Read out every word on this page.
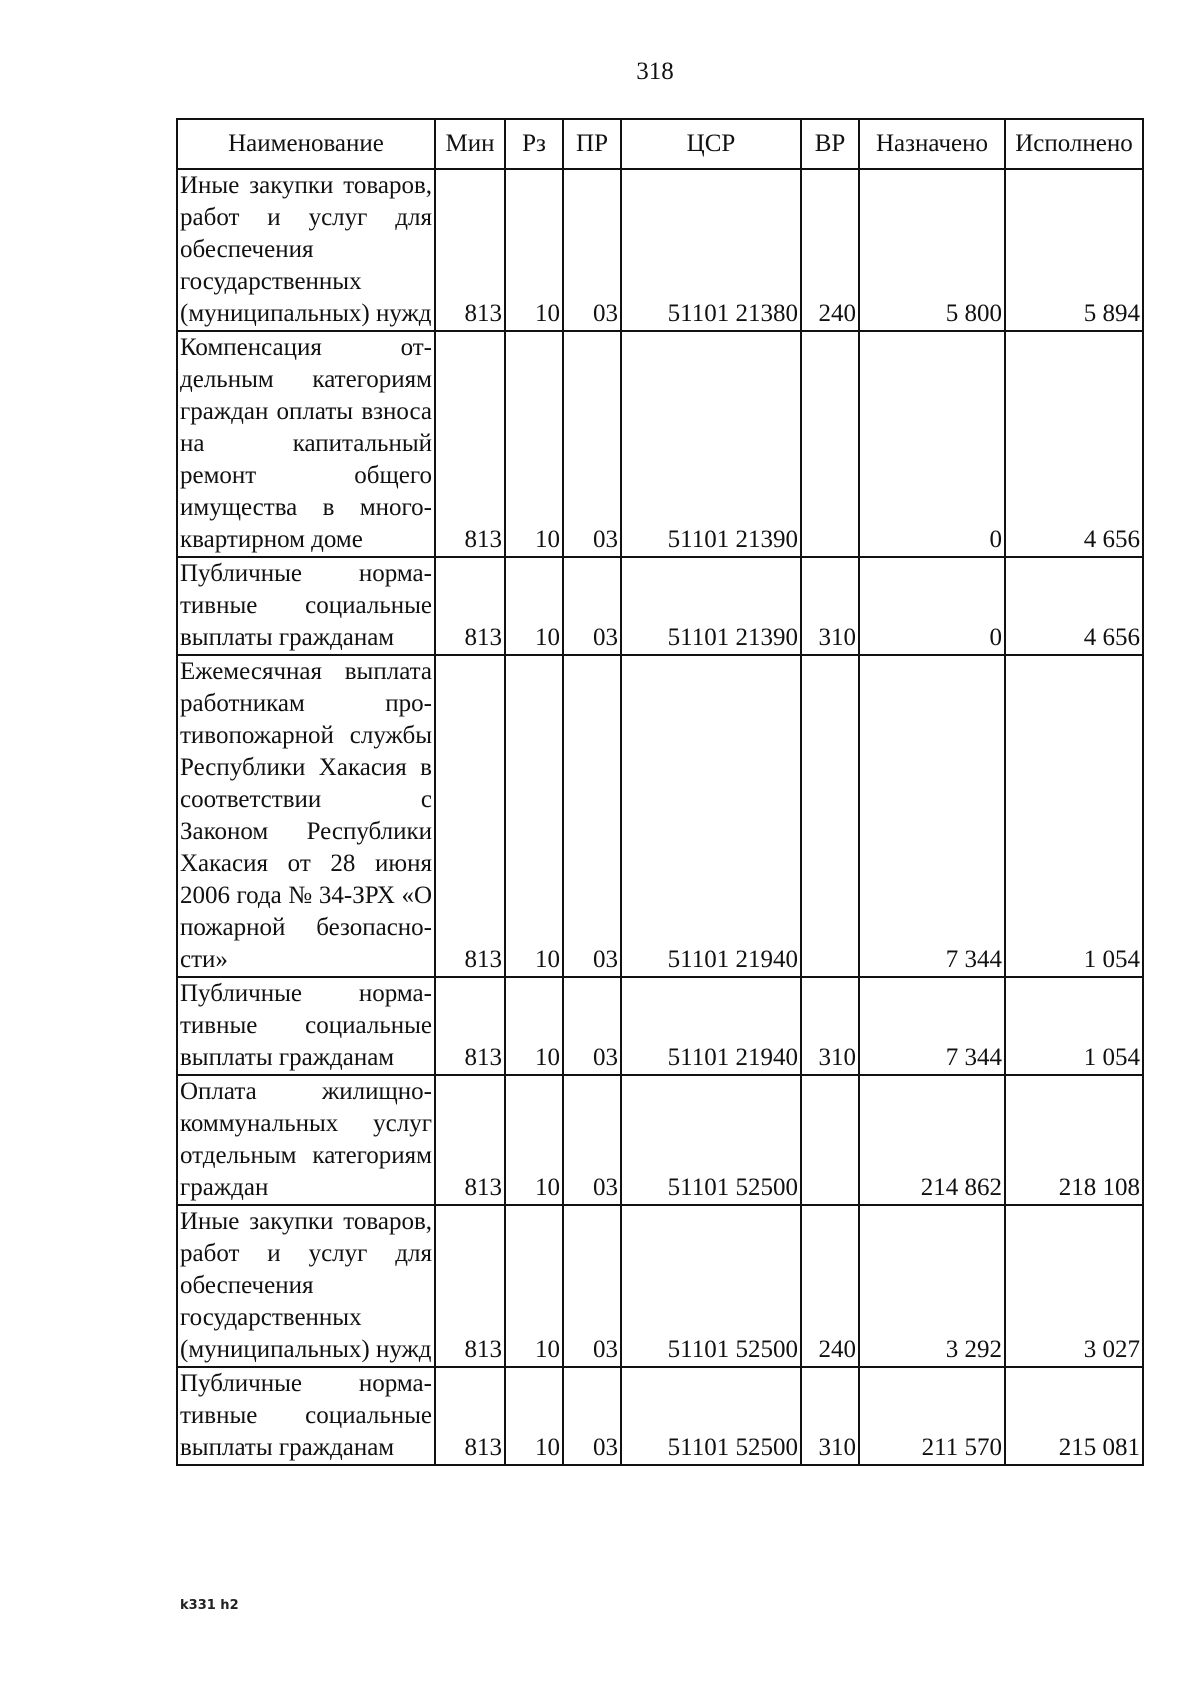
318
Наименование	Мин	Рз	ПР	ЦСР	ВР	Назначено	Исполнено
Иные закупки товаров, работ и услуг для обеспечения государственных (муниципальных) нужд	813	10	03	51101 21380	240	5 800	5 894
Компенсация отдельным категориям граждан оплаты взноса на капитальный ремонт общего имущества в многоквартирном доме	813	10	03	51101 21390		0	4 656
Публичные нормативные социальные выплаты гражданам	813	10	03	51101 21390	310	0	4 656
Ежемесячная выплата работникам противопожарной службы Республики Хакасия в соответствии с Законом Республики Хакасия от 28 июня 2006 года № 34-ЗРХ «О пожарной безопасности»	813	10	03	51101 21940		7 344	1 054
Публичные нормативные социальные выплаты гражданам	813	10	03	51101 21940	310	7 344	1 054
Оплата жилищно-коммунальных услуг отдельным категориям граждан	813	10	03	51101 52500		214 862	218 108
Иные закупки товаров, работ и услуг для обеспечения государственных (муниципальных) нужд	813	10	03	51101 52500	240	3 292	3 027
Публичные нормативные социальные выплаты гражданам	813	10	03	51101 52500	310	211 570	215 081
k331 h2
